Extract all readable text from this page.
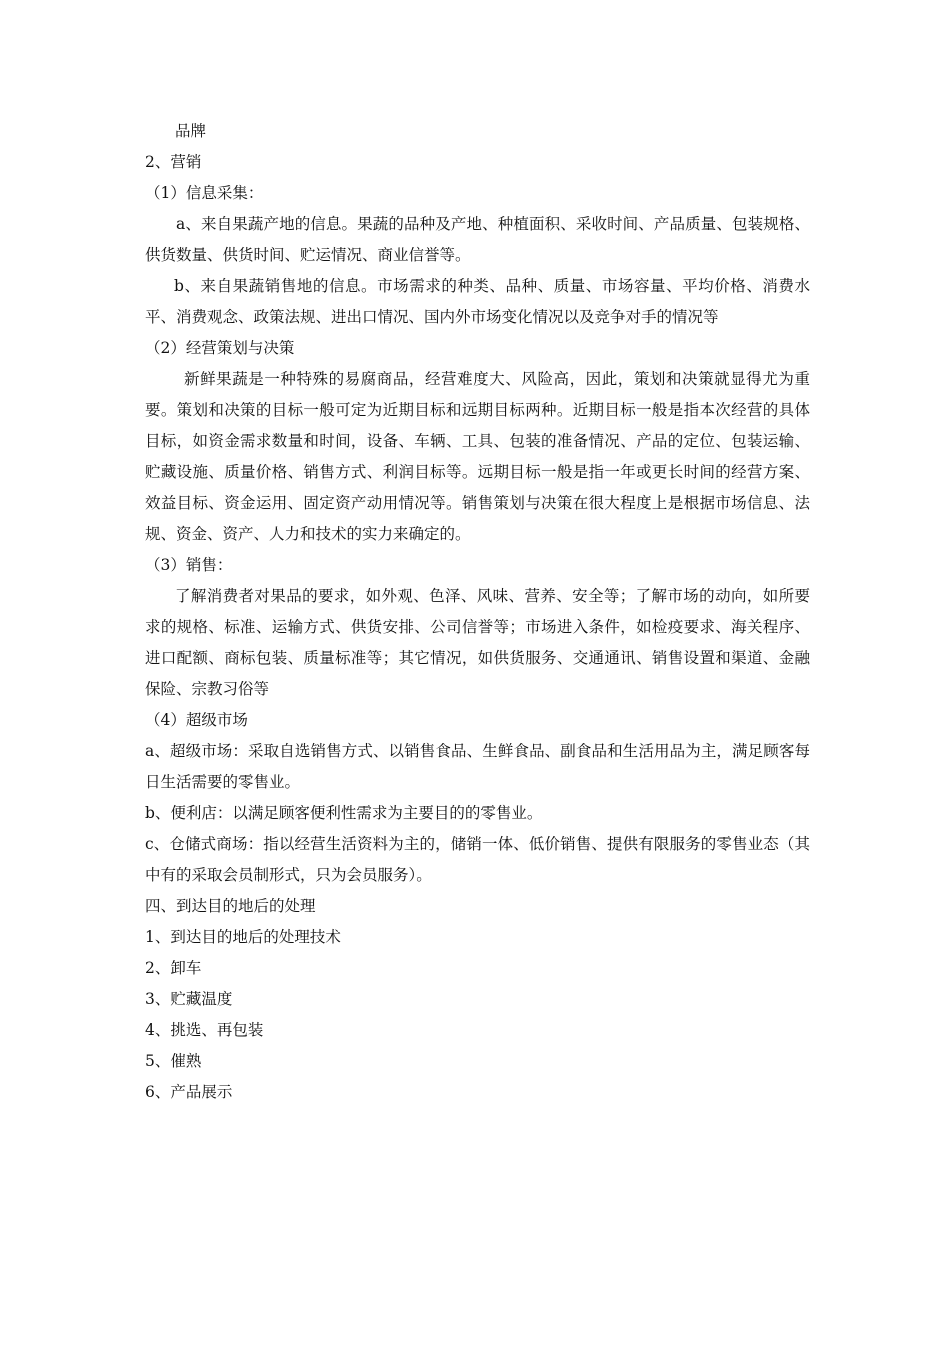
品牌
2、营销
（1）信息采集：
a、来自果蔬产地的信息。果蔬的品种及产地、种植面积、采收时间、产品质量、包装规格、供货数量、供货时间、贮运情况、商业信誉等。
b、来自果蔬销售地的信息。市场需求的种类、品种、质量、市场容量、平均价格、消费水平、消费观念、政策法规、进出口情况、国内外市场变化情况以及竞争对手的情况等
（2）经营策划与决策
新鲜果蔬是一种特殊的易腐商品，经营难度大、风险高，因此，策划和决策就显得尤为重要。策划和决策的目标一般可定为近期目标和远期目标两种。近期目标一般是指本次经营的具体目标，如资金需求数量和时间，设备、车辆、工具、包装的准备情况、产品的定位、包装运输、贮藏设施、质量价格、销售方式、利润目标等。远期目标一般是指一年或更长时间的经营方案、效益目标、资金运用、固定资产动用情况等。销售策划与决策在很大程度上是根据市场信息、法规、资金、资产、人力和技术的实力来确定的。
（3）销售：
了解消费者对果品的要求，如外观、色泽、风味、营养、安全等；了解市场的动向，如所要求的规格、标准、运输方式、供货安排、公司信誉等；市场进入条件，如检疫要求、海关程序、进口配额、商标包装、质量标准等；其它情况，如供货服务、交通通讯、销售设置和渠道、金融保险、宗教习俗等
（4）超级市场
a、超级市场：采取自选销售方式、以销售食品、生鲜食品、副食品和生活用品为主，满足顾客每日生活需要的零售业。
b、便利店：以满足顾客便利性需求为主要目的的零售业。
c、仓储式商场：指以经营生活资料为主的，储销一体、低价销售、提供有限服务的零售业态（其中有的采取会员制形式，只为会员服务）。
四、到达目的地后的处理
1、到达目的地后的处理技术
2、卸车
3、贮藏温度
4、挑选、再包装
5、催熟
6、产品展示
